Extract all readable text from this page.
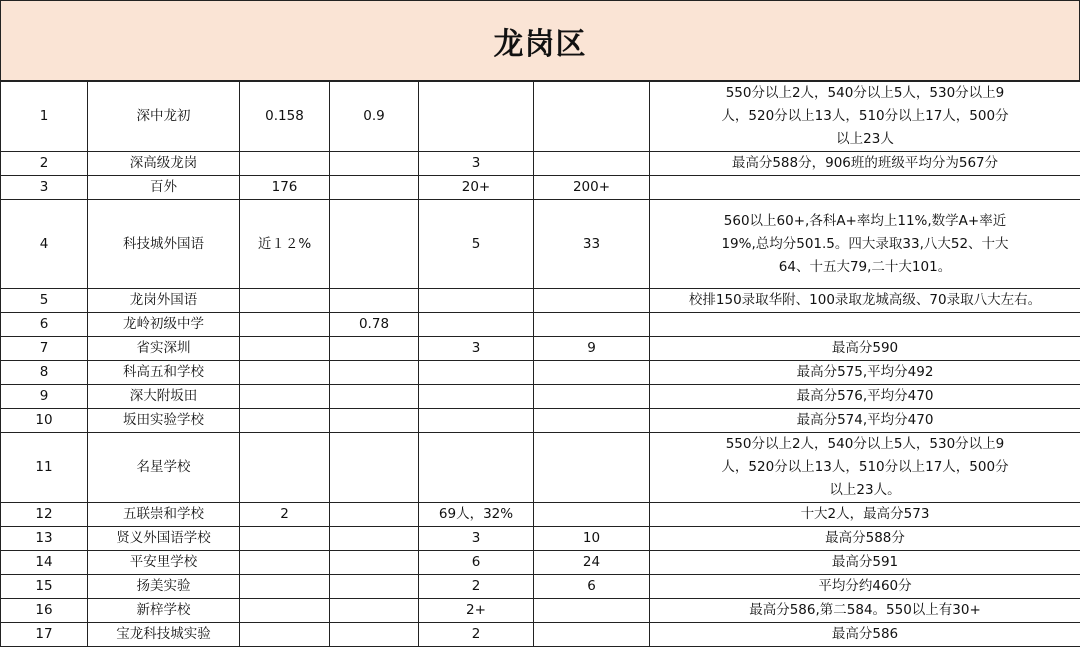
龙岗区
1	深中龙初	0.158	0.9			550分以上2人，540分以上5人，530分以上9人，520分以上13人，510分以上17人，500分以上23人
2	深高级龙岗			3		最高分588分，906班的班级平均分为567分
3	百外	176		20+	200+	
4	科技城外国语	近１２%		5	33	560以上60+,各科A+率均上11%,数学A+率近19%,总均分501.5。四大录取33,八大52、十大64、十五大79,二十大101。
5	龙岗外国语					校排150录取华附、100录取龙城高级、70录取八大左右。
6	龙岭初级中学		0.78			
7	省实深圳			3	9	最高分590
8	科高五和学校					最高分575,平均分492
9	深大附坂田					最高分576,平均分470
10	坂田实验学校					最高分574,平均分470
11	名星学校					550分以上2人，540分以上5人，530分以上9人，520分以上13人，510分以上17人，500分以上23人。
12	五联崇和学校	2		69人，32%		十大2人，最高分573
13	贤义外国语学校			3	10	最高分588分
14	平安里学校			6	24	最高分591
15	扬美实验			2	6	平均分约460分
16	新梓学校			2+		最高分586,第二584。550以上有30+
17	宝龙科技城实验			2		最高分586
